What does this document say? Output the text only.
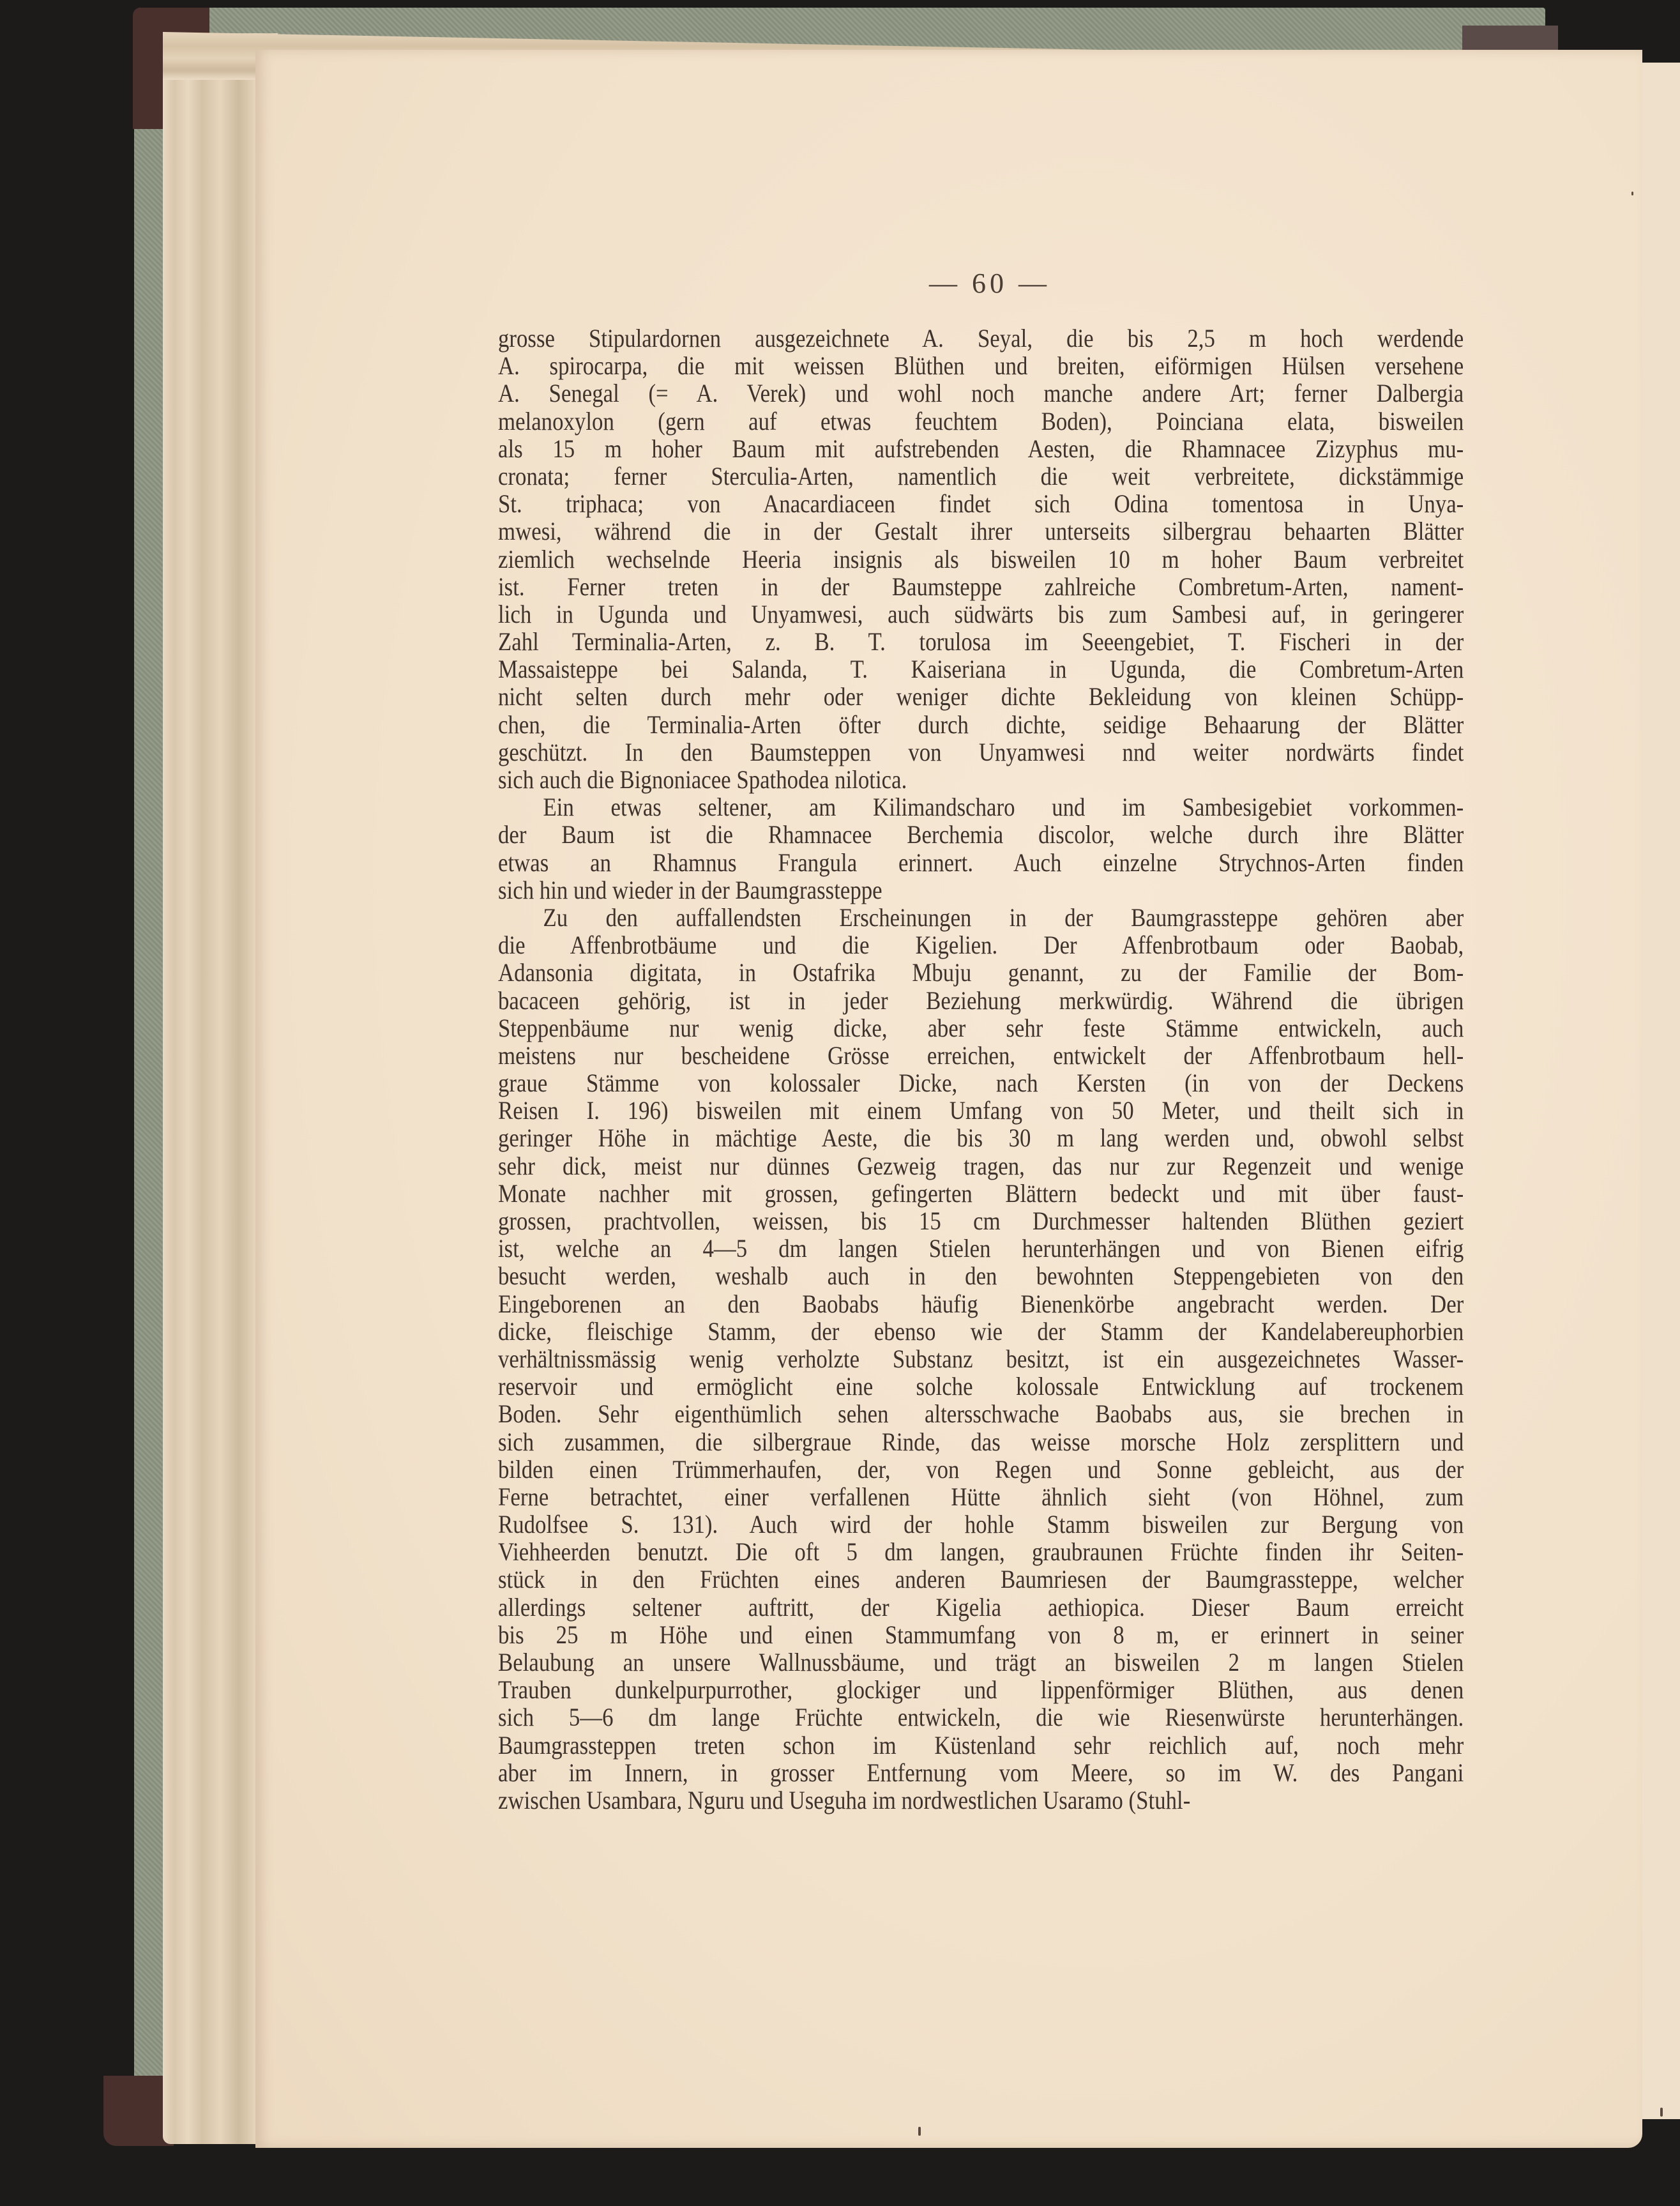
— 60 —
grosse Stipulardornen ausgezeichnete A. Seyal, die bis 2,5 m hoch werdende
A. spirocarpa, die mit weissen Blüthen und breiten, eiförmigen Hülsen versehene
A. Senegal (= A. Verek) und wohl noch manche andere Art; ferner Dalbergia
melanoxylon (gern auf etwas feuchtem Boden), Poinciana elata, bisweilen
als 15 m hoher Baum mit aufstrebenden Aesten, die Rhamnacee Zizyphus mu-
cronata; ferner Sterculia-Arten, namentlich die weit verbreitete, dickstämmige
St. triphaca; von Anacardiaceen findet sich Odina tomentosa in Unya-
mwesi, während die in der Gestalt ihrer unterseits silbergrau behaarten Blätter
ziemlich wechselnde Heeria insignis als bisweilen 10 m hoher Baum verbreitet
ist. Ferner treten in der Baumsteppe zahlreiche Combretum-Arten, nament-
lich in Ugunda und Unyamwesi, auch südwärts bis zum Sambesi auf, in geringerer
Zahl Terminalia-Arten, z. B. T. torulosa im Seeengebiet, T. Fischeri in der
Massaisteppe bei Salanda, T. Kaiseriana in Ugunda, die Combretum-Arten
nicht selten durch mehr oder weniger dichte Bekleidung von kleinen Schüpp-
chen, die Terminalia-Arten öfter durch dichte, seidige Behaarung der Blätter
geschützt. In den Baumsteppen von Unyamwesi nnd weiter nordwärts findet
sich auch die Bignoniacee Spathodea nilotica.
Ein etwas seltener, am Kilimandscharo und im Sambesigebiet vorkommen-
der Baum ist die Rhamnacee Berchemia discolor, welche durch ihre Blätter
etwas an Rhamnus Frangula erinnert. Auch einzelne Strychnos-Arten finden
sich hin und wieder in der Baumgrassteppe
Zu den auffallendsten Erscheinungen in der Baumgrassteppe gehören aber
die Affenbrotbäume und die Kigelien. Der Affenbrotbaum oder Baobab,
Adansonia digitata, in Ostafrika Mbuju genannt, zu der Familie der Bom-
bacaceen gehörig, ist in jeder Beziehung merkwürdig. Während die übrigen
Steppenbäume nur wenig dicke, aber sehr feste Stämme entwickeln, auch
meistens nur bescheidene Grösse erreichen, entwickelt der Affenbrotbaum hell-
graue Stämme von kolossaler Dicke, nach Kersten (in von der Deckens
Reisen I. 196) bisweilen mit einem Umfang von 50 Meter, und theilt sich in
geringer Höhe in mächtige Aeste, die bis 30 m lang werden und, obwohl selbst
sehr dick, meist nur dünnes Gezweig tragen, das nur zur Regenzeit und wenige
Monate nachher mit grossen, gefingerten Blättern bedeckt und mit über faust-
grossen, prachtvollen, weissen, bis 15 cm Durchmesser haltenden Blüthen geziert
ist, welche an 4—5 dm langen Stielen herunterhängen und von Bienen eifrig
besucht werden, weshalb auch in den bewohnten Steppengebieten von den
Eingeborenen an den Baobabs häufig Bienenkörbe angebracht werden. Der
dicke, fleischige Stamm, der ebenso wie der Stamm der Kandelabereuphorbien
verhältnissmässig wenig verholzte Substanz besitzt, ist ein ausgezeichnetes Wasser-
reservoir und ermöglicht eine solche kolossale Entwicklung auf trockenem
Boden. Sehr eigenthümlich sehen altersschwache Baobabs aus, sie brechen in
sich zusammen, die silbergraue Rinde, das weisse morsche Holz zersplittern und
bilden einen Trümmerhaufen, der, von Regen und Sonne gebleicht, aus der
Ferne betrachtet, einer verfallenen Hütte ähnlich sieht (von Höhnel, zum
Rudolfsee S. 131). Auch wird der hohle Stamm bisweilen zur Bergung von
Viehheerden benutzt. Die oft 5 dm langen, graubraunen Früchte finden ihr Seiten-
stück in den Früchten eines anderen Baumriesen der Baumgrassteppe, welcher
allerdings seltener auftritt, der Kigelia aethiopica. Dieser Baum erreicht
bis 25 m Höhe und einen Stammumfang von 8 m, er erinnert in seiner
Belaubung an unsere Wallnussbäume, und trägt an bisweilen 2 m langen Stielen
Trauben dunkelpurpurrother, glockiger und lippenförmiger Blüthen, aus denen
sich 5—6 dm lange Früchte entwickeln, die wie Riesenwürste herunterhängen.
Baumgrassteppen treten schon im Küstenland sehr reichlich auf, noch mehr
aber im Innern, in grosser Entfernung vom Meere, so im W. des Pangani
zwischen Usambara, Nguru und Useguha im nordwestlichen Usaramo (Stuhl-
